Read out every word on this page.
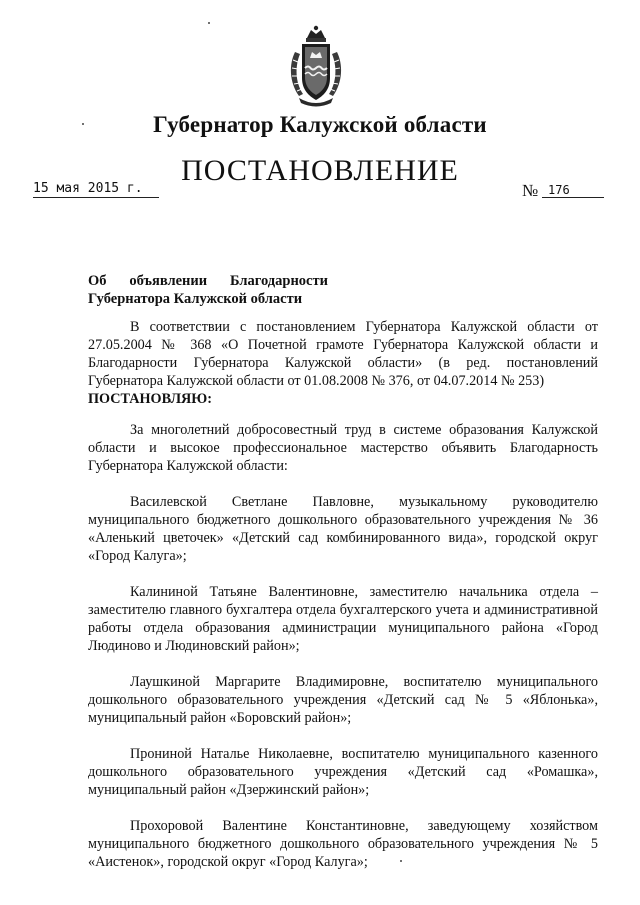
Губернатор Калужской области
ПОСТАНОВЛЕНИЕ
15 мая 2015 г.	№ 176
Об объявлении Благодарности
Губернатора Калужской области

В соответствии с постановлением Губернатора Калужской области от 27.05.2004 № 368 «О Почетной грамоте Губернатора Калужской области и Благодарности Губернатора Калужской области» (в ред. постановлений Губернатора Калужской области от 01.08.2008 № 376, от 04.07.2014 № 253)

ПОСТАНОВЛЯЮ:

За многолетний добросовестный труд в системе образования Калужской области и высокое профессиональное мастерство объявить Благодарность Губернатора Калужской области:

Василевской Светлане Павловне, музыкальному руководителю муниципального бюджетного дошкольного образовательного учреждения № 36 «Аленький цветочек» «Детский сад комбинированного вида», городской округ «Город Калуга»;

Калининой Татьяне Валентиновне, заместителю начальника отдела – заместителю главного бухгалтера отдела бухгалтерского учета и административной работы отдела образования администрации муниципального района «Город Людиново и Людиновский район»;

Лаушкиной Маргарите Владимировне, воспитателю муниципального дошкольного образовательного учреждения «Детский сад № 5 «Яблонька», муниципальный район «Боровский район»;

Прониной Наталье Николаевне, воспитателю муниципального казенного дошкольного образовательного учреждения «Детский сад «Ромашка», муниципальный район «Дзержинский район»;

Прохоровой Валентине Константиновне, заведующему хозяйством муниципального бюджетного дошкольного образовательного учреждения № 5 «Аистенок», городской округ «Город Калуга»;
